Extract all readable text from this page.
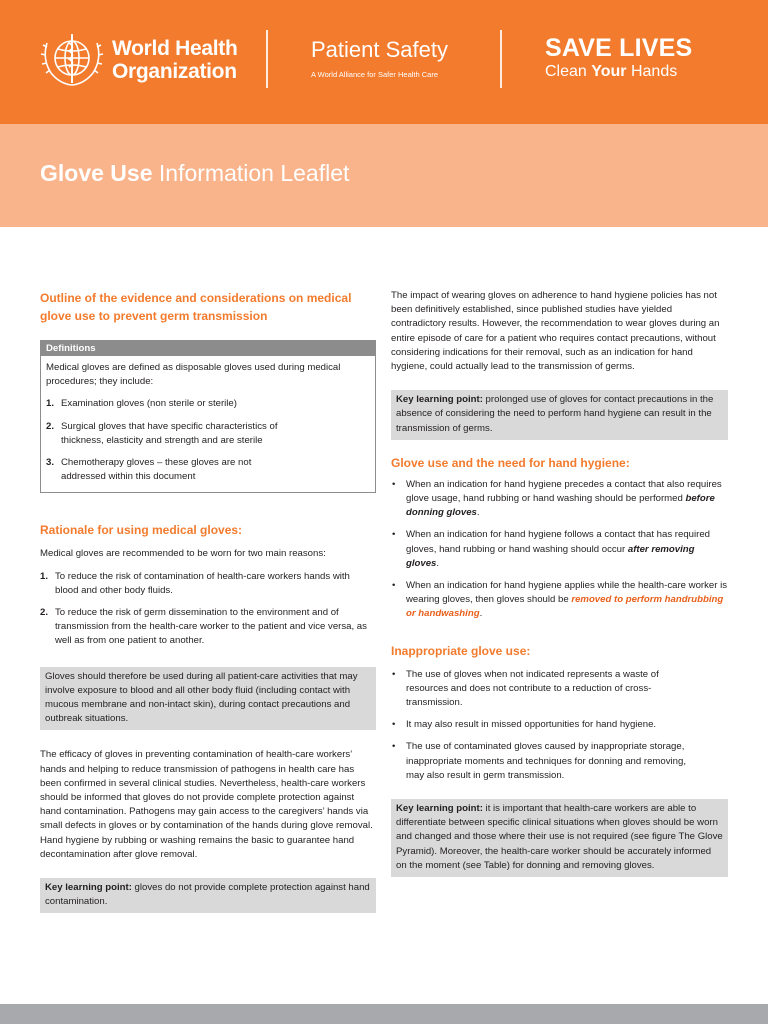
World Health
Organization
Patient Safety
A World Alliance for Safer Health Care
SAVE LIVES
Clean Your Hands
Glove Use Information Leaflet
Outline of the evidence and considerations on medical glove use to prevent germ transmission
Definitions
Medical gloves are defined as disposable gloves used during medical procedures; they include:
1. Examination gloves (non sterile or sterile)
2. Surgical gloves that have specific characteristics of thickness, elasticity and strength and are sterile
3. Chemotherapy gloves – these gloves are not addressed within this document
Rationale for using medical gloves:
Medical gloves are recommended to be worn for two main reasons:
1. To reduce the risk of contamination of health-care workers hands with blood and other body fluids.
2. To reduce the risk of germ dissemination to the environment and of transmission from the health-care worker to the patient and vice versa, as well as from one patient to another.
Gloves should therefore be used during all patient-care activities that may involve exposure to blood and all other body fluid (including contact with mucous membrane and non-intact skin), during contact precautions and outbreak situations.
The efficacy of gloves in preventing contamination of health-care workers’ hands and helping to reduce transmission of pathogens in health care has been confirmed in several clinical studies. Nevertheless, health-care workers should be informed that gloves do not provide complete protection against hand contamination. Pathogens may gain access to the caregivers’ hands via small defects in gloves or by contamination of the hands during glove removal. Hand hygiene by rubbing or washing remains the basic to guarantee hand decontamination after glove removal.
Key learning point: gloves do not provide complete protection against hand contamination.
The impact of wearing gloves on adherence to hand hygiene policies has not been definitively established, since published studies have yielded contradictory results. However, the recommendation to wear gloves during an entire episode of care for a patient who requires contact precautions, without considering indications for their removal, such as an indication for hand hygiene, could actually lead to the transmission of germs.
Key learning point: prolonged use of gloves for contact precautions in the absence of considering the need to perform hand hygiene can result in the transmission of germs.
Glove use and the need for hand hygiene:
• When an indication for hand hygiene precedes a contact that also requires glove usage, hand rubbing or hand washing should be performed before donning gloves.
• When an indication for hand hygiene follows a contact that has required gloves, hand rubbing or hand washing should occur after removing gloves.
• When an indication for hand hygiene applies while the health-care worker is wearing gloves, then gloves should be removed to perform handrubbing or handwashing.
Inappropriate glove use:
• The use of gloves when not indicated represents a waste of resources and does not contribute to a reduction of cross-transmission.
• It may also result in missed opportunities for hand hygiene.
• The use of contaminated gloves caused by inappropriate storage, inappropriate moments and techniques for donning and removing, may also result in germ transmission.
Key learning point: it is important that health-care workers are able to differentiate between specific clinical situations when gloves should be worn and changed and those where their use is not required (see figure The Glove Pyramid). Moreover, the health-care worker should be accurately informed on the moment (see Table) for donning and removing gloves.
